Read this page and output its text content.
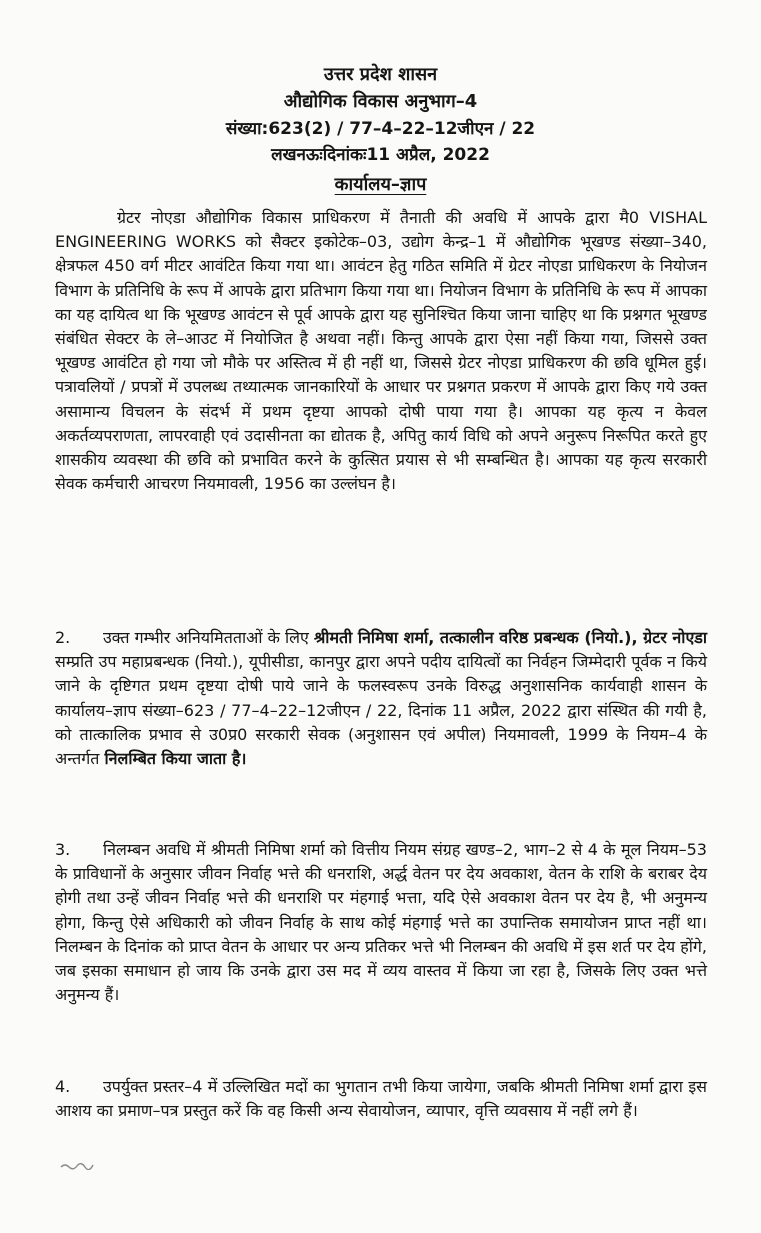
उत्तर प्रदेश शासन
औद्योगिक विकास अनुभाग–4
संख्या:623(2) / 77–4–22–12जीएन / 22
लखनऊःदिनांकः11 अप्रैल, 2022
कार्यालय–ज्ञाप
ग्रेटर नोएडा औद्योगिक विकास प्राधिकरण में तैनाती की अवधि में आपके द्वारा मै0 VISHAL ENGINEERING WORKS को सैक्टर इकोटेक–03, उद्योग केन्द्र–1 में औद्योगिक भूखण्ड संख्या–340, क्षेत्रफल 450 वर्ग मीटर आवंटित किया गया था। आवंटन हेतु गठित समिति में ग्रेटर नोएडा प्राधिकरण के नियोजन विभाग के प्रतिनिधि के रूप में आपके द्वारा प्रतिभाग किया गया था। नियोजन विभाग के प्रतिनिधि के रूप में आपका का यह दायित्व था कि भूखण्ड आवंटन से पूर्व आपके द्वारा यह सुनिश्चित किया जाना चाहिए था कि प्रश्नगत भूखण्ड संबंधित सेक्टर के ले–आउट में नियोजित है अथवा नहीं। किन्तु आपके द्वारा ऐसा नहीं किया गया, जिससे उक्त भूखण्ड आवंटित हो गया जो मौके पर अस्तित्व में ही नहीं था, जिससे ग्रेटर नोएडा प्राधिकरण की छवि धूमिल हुई। पत्रावलियों / प्रपत्रों में उपलब्ध तथ्यात्मक जानकारियों के आधार पर प्रश्नगत प्रकरण में आपके द्वारा किए गये उक्त असामान्य विचलन के संदर्भ में प्रथम दृष्टया आपको दोषी पाया गया है। आपका यह कृत्य न केवल अकर्तव्यपराणता, लापरवाही एवं उदासीनता का द्योतक है, अपितु कार्य विधि को अपने अनुरूप निरूपित करते हुए शासकीय व्यवस्था की छवि को प्रभावित करने के कुत्सित प्रयास से भी सम्बन्धित है। आपका यह कृत्य सरकारी सेवक कर्मचारी आचरण नियमावली, 1956 का उल्लंघन है।
2. उक्त गम्भीर अनियमितताओं के लिए श्रीमती निमिषा शर्मा, तत्कालीन वरिष्ठ प्रबन्धक (नियो.), ग्रेटर नोएडा सम्प्रति उप महाप्रबन्धक (नियो.), यूपीसीडा, कानपुर द्वारा अपने पदीय दायित्वों का निर्वहन जिम्मेदारी पूर्वक न किये जाने के दृष्टिगत प्रथम दृष्टया दोषी पाये जाने के फलस्वरूप उनके विरुद्ध अनुशासनिक कार्यवाही शासन के कार्यालय–ज्ञाप संख्या–623 / 77–4–22–12जीएन / 22, दिनांक 11 अप्रैल, 2022 द्वारा संस्थित की गयी है, को तात्कालिक प्रभाव से उ0प्र0 सरकारी सेवक (अनुशासन एवं अपील) नियमावली, 1999 के नियम–4 के अन्तर्गत निलम्बित किया जाता है।
3. निलम्बन अवधि में श्रीमती निमिषा शर्मा को वित्तीय नियम संग्रह खण्ड–2, भाग–2 से 4 के मूल नियम–53 के प्राविधानों के अनुसार जीवन निर्वाह भत्ते की धनराशि, अर्द्ध वेतन पर देय अवकाश, वेतन के राशि के बराबर देय होगी तथा उन्हें जीवन निर्वाह भत्ते की धनराशि पर मंहगाई भत्ता, यदि ऐसे अवकाश वेतन पर देय है, भी अनुमन्य होगा, किन्तु ऐसे अधिकारी को जीवन निर्वाह के साथ कोई मंहगाई भत्ते का उपान्तिक समायोजन प्राप्त नहीं था। निलम्बन के दिनांक को प्राप्त वेतन के आधार पर अन्य प्रतिकर भत्ते भी निलम्बन की अवधि में इस शर्त पर देय होंगे, जब इसका समाधान हो जाय कि उनके द्वारा उस मद में व्यय वास्तव में किया जा रहा है, जिसके लिए उक्त भत्ते अनुमन्य हैं।
4. उपर्युक्त प्रस्तर–4 में उल्लिखित मदों का भुगतान तभी किया जायेगा, जबकि श्रीमती निमिषा शर्मा द्वारा इस आशय का प्रमाण–पत्र प्रस्तुत करें कि वह किसी अन्य सेवायोजन, व्यापार, वृत्ति व्यवसाय में नहीं लगे हैं।
